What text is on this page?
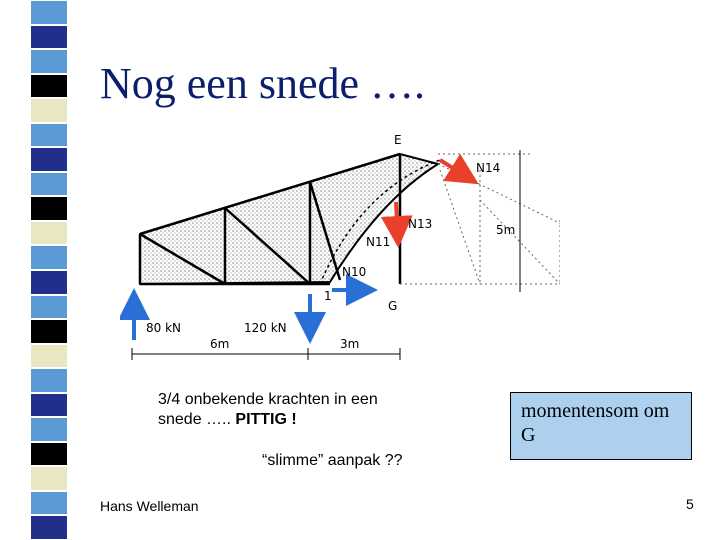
Nog een snede ….
E
G
1
N14
N13
N11
N10
5m
80 kN	120 kN
6m	3m
3/4 onbekende krachten in een
snede ….. PITTIG !
“slimme” aanpak ??
momentensom om G
Hans Welleman	5
